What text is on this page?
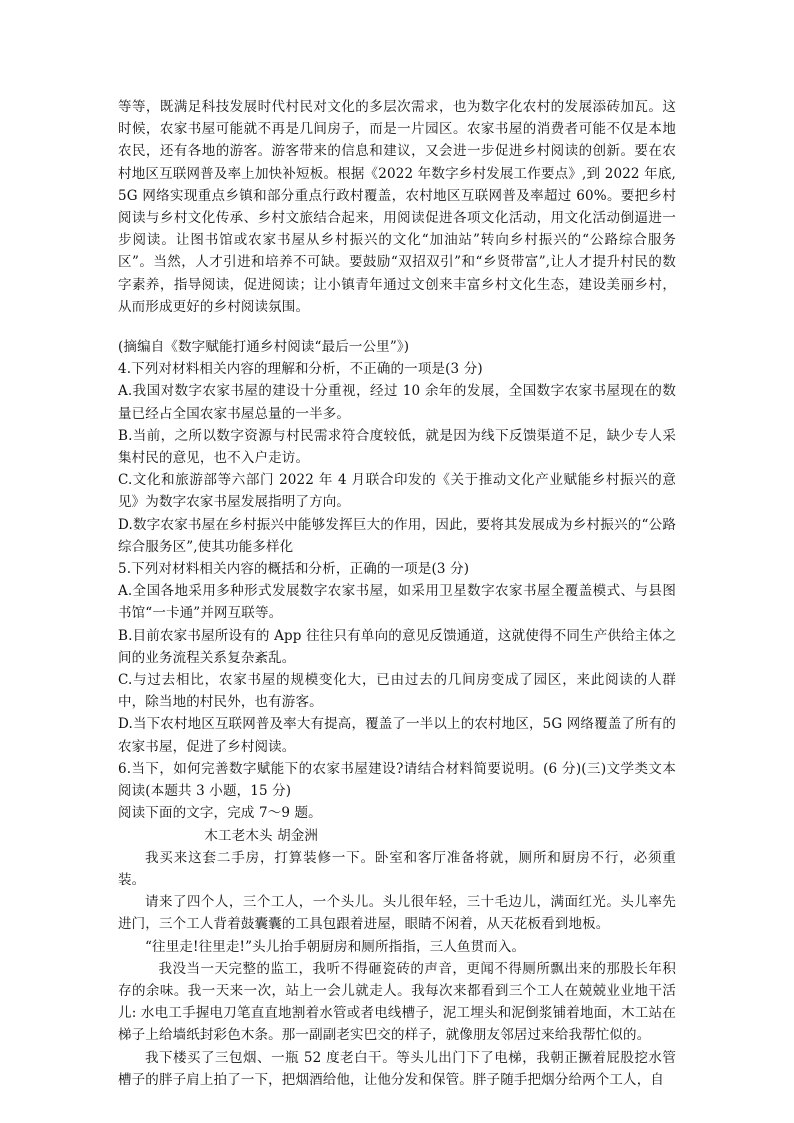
等等，既满足科技发展时代村民对文化的多层次需求，也为数字化农村的发展添砖加瓦。这时候，农家书屋可能就不再是几间房子，而是一片园区。农家书屋的消费者可能不仅是本地农民，还有各地的游客。游客带来的信息和建议，又会进一步促进乡村阅读的创新。要在农村地区互联网普及率上加快补短板。根据《2022 年数字乡村发展工作要点》,到 2022 年底,5G 网络实现重点乡镇和部分重点行政村覆盖，农村地区互联网普及率超过 60%。要把乡村阅读与乡村文化传承、乡村文旅结合起来，用阅读促进各项文化活动，用文化活动倒逼进一步阅读。让图书馆或农家书屋从乡村振兴的文化“加油站”转向乡村振兴的“公路综合服务区”。当然，人才引进和培养不可缺。要鼓励“双招双引”和“乡贤带富”,让人才提升村民的数字素养，指导阅读，促进阅读；让小镇青年通过文创来丰富乡村文化生态，建设美丽乡村，从而形成更好的乡村阅读氛围。

(摘编自《数字赋能打通乡村阅读“最后一公里”》)

4.下列对材料相关内容的理解和分析，不正确的一项是(3 分)

A.我国对数字农家书屋的建设十分重视，经过 10 余年的发展，全国数字农家书屋现在的数量已经占全国农家书屋总量的一半多。

B.当前，之所以数字资源与村民需求符合度较低，就是因为线下反馈渠道不足，缺少专人采集村民的意见，也不入户走访。

C.文化和旅游部等六部门 2022 年 4 月联合印发的《关于推动文化产业赋能乡村振兴的意见》为数字农家书屋发展指明了方向。

D.数字农家书屋在乡村振兴中能够发挥巨大的作用，因此，要将其发展成为乡村振兴的“公路综合服务区”,使其功能多样化

5.下列对材料相关内容的概括和分析，正确的一项是(3 分)

A.全国各地采用多种形式发展数字农家书屋，如采用卫星数字农家书屋全覆盖模式、与县图书馆“一卡通”并网互联等。

B.目前农家书屋所设有的 App 往往只有单向的意见反馈通道，这就使得不同生产供给主体之间的业务流程关系复杂紊乱。

C.与过去相比，农家书屋的规模变化大，已由过去的几间房变成了园区，来此阅读的人群中，除当地的村民外，也有游客。

D.当下农村地区互联网普及率大有提高，覆盖了一半以上的农村地区，5G 网络覆盖了所有的农家书屋，促进了乡村阅读。

6.当下，如何完善数字赋能下的农家书屋建设?请结合材料简要说明。(6 分)(三)文学类文本阅读(本题共 3 小题，15 分)

阅读下面的文字，完成 7～9 题。

木工老木头 胡金洲

我买来这套二手房，打算装修一下。卧室和客厅准备将就，厕所和厨房不行，必须重装。

请来了四个人，三个工人，一个头儿。头儿很年轻，三十毛边儿，满面红光。头儿率先进门，三个工人背着鼓囊囊的工具包跟着进屋，眼睛不闲着，从天花板看到地板。

“往里走!往里走!”头儿抬手朝厨房和厕所指指，三人鱼贯而入。

我没当一天完整的监工，我听不得砸瓷砖的声音，更闻不得厕所飘出来的那股长年积存的余味。我一天来一次，站上一会儿就走人。我每次来都看到三个工人在兢兢业业地干活儿: 水电工手握电刀笔直直地割着水管或者电线槽子，泥工埋头和泥倒浆铺着地面，木工站在梯子上给墙纸封彩色木条。那一副副老实巴交的样子，就像朋友邻居过来给我帮忙似的。

我下楼买了三包烟、一瓶 52 度老白干。等头儿出门下了电梯，我朝正撅着屁股挖水管槽子的胖子肩上拍了一下，把烟酒给他，让他分发和保管。胖子随手把烟分给两个工人，自
